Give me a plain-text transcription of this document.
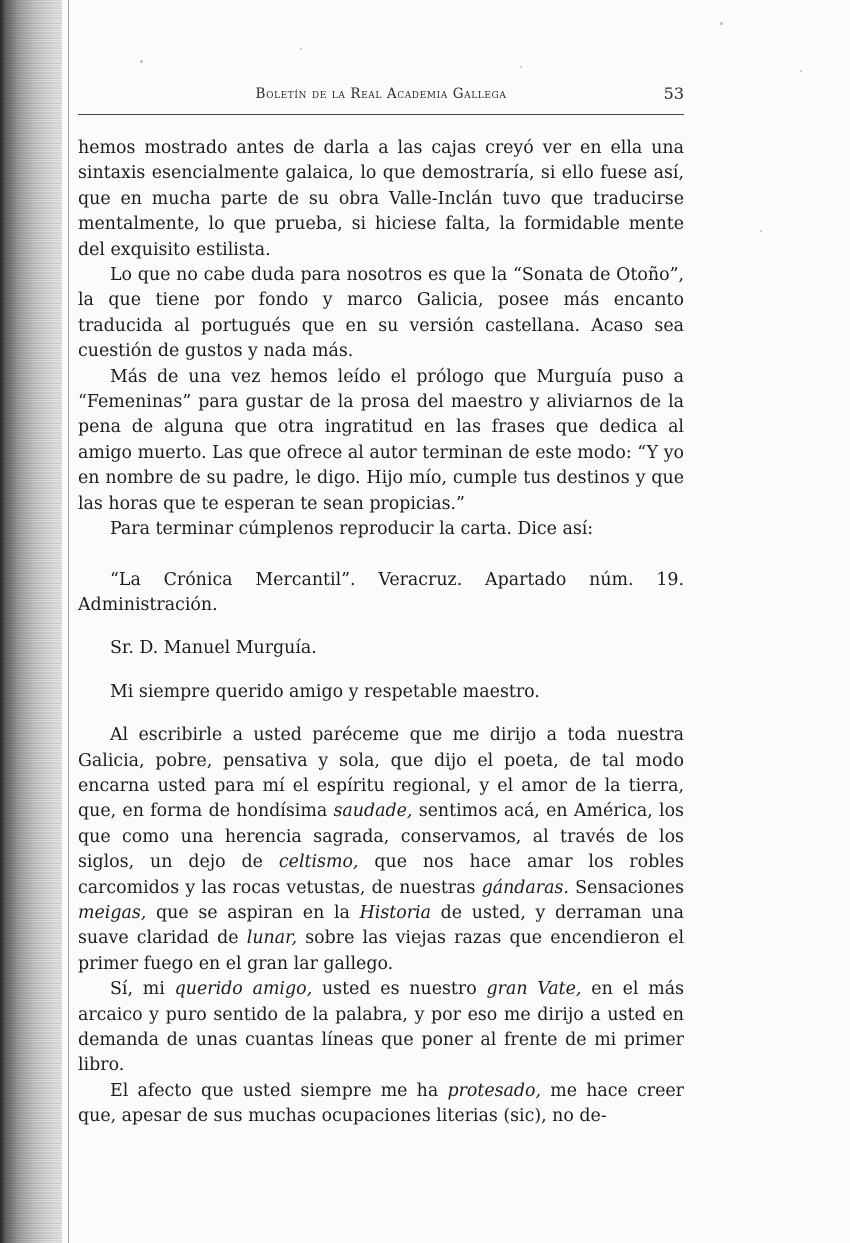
Boletín de la Real Academia Gallega	53

hemos mostrado antes de darla a las cajas creyó ver en ella una sintaxis esencialmente galaica, lo que demostraría, si ello fuese así, que en mucha parte de su obra Valle-Inclán tuvo que traducirse mentalmente, lo que prueba, si hiciese falta, la formidable mente del exquisito estilista.

Lo que no cabe duda para nosotros es que la “Sonata de Otoño”, la que tiene por fondo y marco Galicia, posee más encanto traducida al portugués que en su versión castellana. Acaso sea cuestión de gustos y nada más.

Más de una vez hemos leído el prólogo que Murguía puso a “Femeninas” para gustar de la prosa del maestro y aliviarnos de la pena de alguna que otra ingratitud en las frases que dedica al amigo muerto. Las que ofrece al autor terminan de este modo: “Y yo en nombre de su padre, le digo. Hijo mío, cumple tus destinos y que las horas que te esperan te sean propicias.”

Para terminar cúmplenos reproducir la carta. Dice así:

“La Crónica Mercantil”. Veracruz. Apartado núm. 19. Administración.

Sr. D. Manuel Murguía.

Mi siempre querido amigo y respetable maestro.

Al escribirle a usted paréceme que me dirijo a toda nuestra Galicia, pobre, pensativa y sola, que dijo el poeta, de tal modo encarna usted para mí el espíritu regional, y el amor de la tierra, que, en forma de hondísima saudade, sentimos acá, en América, los que como una herencia sagrada, conservamos, al través de los siglos, un dejo de celtismo, que nos hace amar los robles carcomidos y las rocas vetustas, de nuestras gándaras. Sensaciones meigas, que se aspiran en la Historia de usted, y derraman una suave claridad de lunar, sobre las viejas razas que encendieron el primer fuego en el gran lar gallego.

Sí, mi querido amigo, usted es nuestro gran Vate, en el más arcaico y puro sentido de la palabra, y por eso me dirijo a usted en demanda de unas cuantas líneas que poner al frente de mi primer libro.

El afecto que usted siempre me ha protesado, me hace creer que, apesar de sus muchas ocupaciones literias (sic), no de-
